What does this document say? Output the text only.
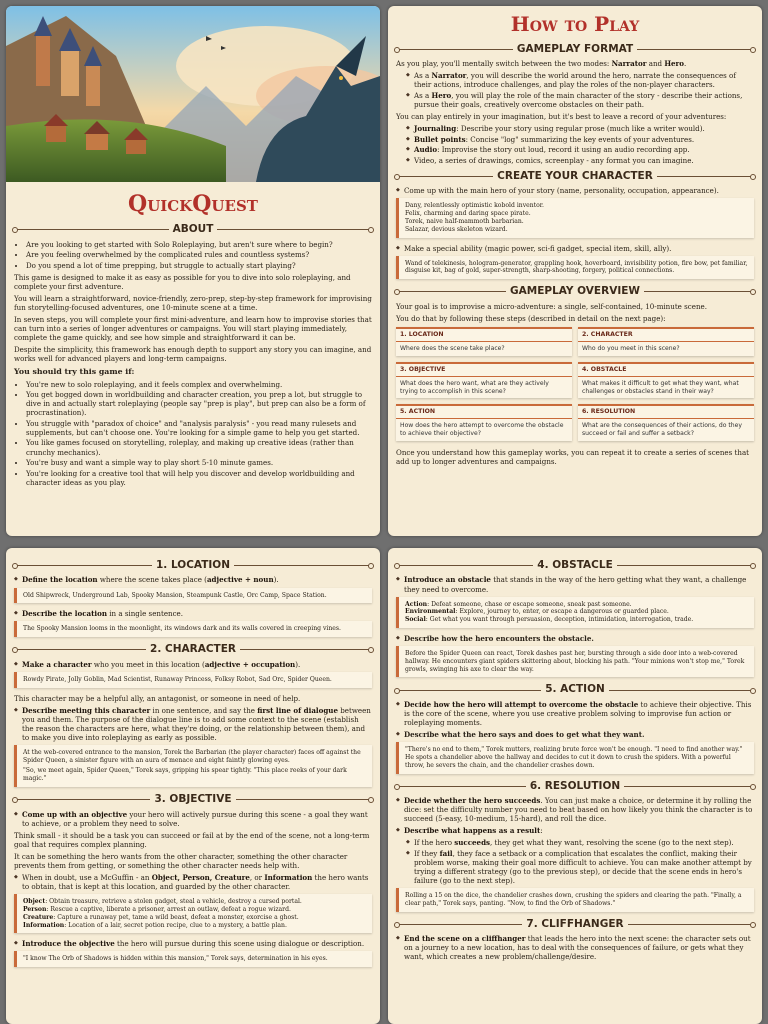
QuickQuest
ABOUT
• Are you looking to get started with Solo Roleplaying, but aren't sure where to begin?
• Are you feeling overwhelmed by the complicated rules and countless systems?
• Do you spend a lot of time prepping, but struggle to actually start playing?

This game is designed to make it as easy as possible for you to dive into solo roleplaying, and complete your first adventure.

You will learn a straightforward, novice-friendly, zero-prep, step-by-step framework for improvising fun storytelling-focused adventures, one 10-minute scene at a time.

In seven steps, you will complete your first mini-adventure, and learn how to improvise stories that can turn into a series of longer adventures or campaigns. You will start playing immediately, complete the game quickly, and see how simple and straightforward it can be.

Despite the simplicity, this framework has enough depth to support any story you can imagine, and works well for advanced players and long-term campaigns.

You should try this game if:

• You're new to solo roleplaying, and it feels complex and overwhelming.
• You get bogged down in worldbuilding and character creation, you prep a lot, but struggle to dive in and actually start roleplaying (people say "prep is play", but prep can also be a form of procrastination).
• You struggle with "paradox of choice" and "analysis paralysis" - you read many rulesets and supplements, but can't choose one. You're looking for a simple game to help you get started.
• You like games focused on storytelling, roleplay, and making up creative ideas (rather than crunchy mechanics).
• You're busy and want a simple way to play short 5-10 minute games.
• You're looking for a creative tool that will help you discover and develop worldbuilding and character ideas as you play.
How to Play
GAMEPLAY FORMAT

As you play, you'll mentally switch between the two modes: Narrator and Hero.

◆ As a Narrator, you will describe the world around the hero, narrate the consequences of their actions, introduce challenges, and play the roles of the non-player characters.
◆ As a Hero, you will play the role of the main character of the story - describe their actions, pursue their goals, creatively overcome obstacles on their path.

You can play entirely in your imagination, but it's best to leave a record of your adventures:

◆ Journaling: Describe your story using regular prose (much like a writer would).
◆ Bullet points: Concise "log" summarizing the key events of your adventures.
◆ Audio: Improvise the story out loud, record it using an audio recording app.
◆ Video, a series of drawings, comics, screenplay - any format you can imagine.
CREATE YOUR CHARACTER
◆ Come up with the main hero of your story (name, personality, occupation, appearance).
Dany, relentlessly optimistic kobold inventor.
Felix, charming and daring space pirate.
Torek, naive half-mammoth barbarian.
Salazar, devious skeleton wizard.
◆ Make a special ability (magic power, sci-fi gadget, special item, skill, ally).
Wand of telekinesis, hologram-generator, grappling hook, hoverboard, invisibility potion, fire bow, pet familiar, disguise kit, bag of gold, super-strength, sharp-shooting, forgery, political connections.
GAMEPLAY OVERVIEW

Your goal is to improvise a micro-adventure: a single, self-contained, 10-minute scene.

You do that by following these steps (described in detail on the next page):

1. LOCATION
Where does the scene take place?
2. CHARACTER
Who do you meet in this scene?
3. OBJECTIVE
What does the hero want, what are they actively trying to accomplish in this scene?
4. OBSTACLE
What makes it difficult to get what they want, what challenges or obstacles stand in their way?
5. ACTION
How does the hero attempt to overcome the obstacle to achieve their objective?
6. RESOLUTION
What are the consequences of their actions, do they succeed or fail and suffer a setback?

Once you understand how this gameplay works, you can repeat it to create a series of scenes that add up to longer adventures and campaigns.

1. LOCATION
◆ Define the location where the scene takes place (adjective + noun).
Old Shipwreck, Underground Lab, Spooky Mansion, Steampunk Castle, Orc Camp, Space Station.
◆ Describe the location in a single sentence.
The Spooky Mansion looms in the moonlight, its windows dark and its walls covered in creeping vines.
2. CHARACTER
◆ Make a character who you meet in this location (adjective + occupation).
Rowdy Pirate, Jolly Goblin, Mad Scientist, Runaway Princess, Folksy Robot, Sad Orc, Spider Queen.

This character may be a helpful ally, an antagonist, or someone in need of help.

◆ Describe meeting this character in one sentence, and say the first line of dialogue between you and them. The purpose of the dialogue line is to add some context to the scene (establish the reason the characters are here, what they're doing, or the relationship between them), and to make you dive into roleplaying as early as possible.

At the web-covered entrance to the mansion, Torek the Barbarian (the player character) faces off against the Spider Queen, a sinister figure with an aura of menace and eight faintly glowing eyes.

"So, we meet again, Spider Queen," Torek says, gripping his spear tightly. "This place reeks of your dark magic."

3. OBJECTIVE
◆ Come up with an objective your hero will actively pursue during this scene - a goal they want to achieve, or a problem they need to solve.

Think small - it should be a task you can succeed or fail at by the end of the scene, not a long-term goal that requires complex planning.

It can be something the hero wants from the other character, something the other character prevents them from getting, or something the other character needs help with.

◆ When in doubt, use a McGuffin - an Object, Person, Creature, or Information the hero wants to obtain, that is kept at this location, and guarded by the other character.
Object: Obtain treasure, retrieve a stolen gadget, steal a vehicle, destroy a cursed portal.
Person: Rescue a captive, liberate a prisoner, arrest an outlaw, defeat a rogue wizard.
Creature: Capture a runaway pet, tame a wild beast, defeat a monster, exorcise a ghost.
Information: Location of a lair, secret potion recipe, clue to a mystery, a battle plan.
◆ Introduce the objective the hero will pursue during this scene using dialogue or description.
"I know The Orb of Shadows is hidden within this mansion," Torek says, determination in his eyes.
4. OBSTACLE
◆ Introduce an obstacle that stands in the way of the hero getting what they want, a challenge they need to overcome.
Action: Defeat someone, chase or escape someone, sneak past someone.
Environmental: Explore, journey to, enter, or escape a dangerous or guarded place.
Social: Get what you want through persuasion, deception, intimidation, interrogation, trade.
◆ Describe how the hero encounters the obstacle.
Before the Spider Queen can react, Torek dashes past her, bursting through a side door into a web-covered hallway. He encounters giant spiders skittering about, blocking his path. "Your minions won't stop me," Torek growls, swinging his axe to clear the way.
5. ACTION
◆ Decide how the hero will attempt to overcome the obstacle to achieve their objective. This is the core of the scene, where you use creative problem solving to improvise fun action or roleplaying moments.
◆ Describe what the hero says and does to get what they want.
"There's no end to them," Torek mutters, realizing brute force won't be enough. "I need to find another way." He spots a chandelier above the hallway and decides to cut it down to crush the spiders. With a powerful throw, he severs the chain, and the chandelier crashes down.
6. RESOLUTION
◆ Decide whether the hero succeeds. You can just make a choice, or determine it by rolling the dice: set the difficulty number you need to beat based on how likely you think the character is to succeed (5-easy, 10-medium, 15-hard), and roll the dice.
◆ Describe what happens as a result:
◆ If the hero succeeds, they get what they want, resolving the scene (go to the next step).
◆ If they fail, they face a setback or a complication that escalates the conflict, making their problem worse, making their goal more difficult to achieve. You can make another attempt by trying a different strategy (go to the previous step), or decide that the scene ends in hero's failure (go to the next step).
Rolling a 15 on the dice, the chandelier crashes down, crushing the spiders and clearing the path. "Finally, a clear path," Torek says, panting. "Now, to find the Orb of Shadows."
7. CLIFFHANGER
◆ End the scene on a cliffhanger that leads the hero into the next scene: the character sets out on a journey to a new location, has to deal with the consequences of failure, or gets what they want, which creates a new problem/challenge/desire.
